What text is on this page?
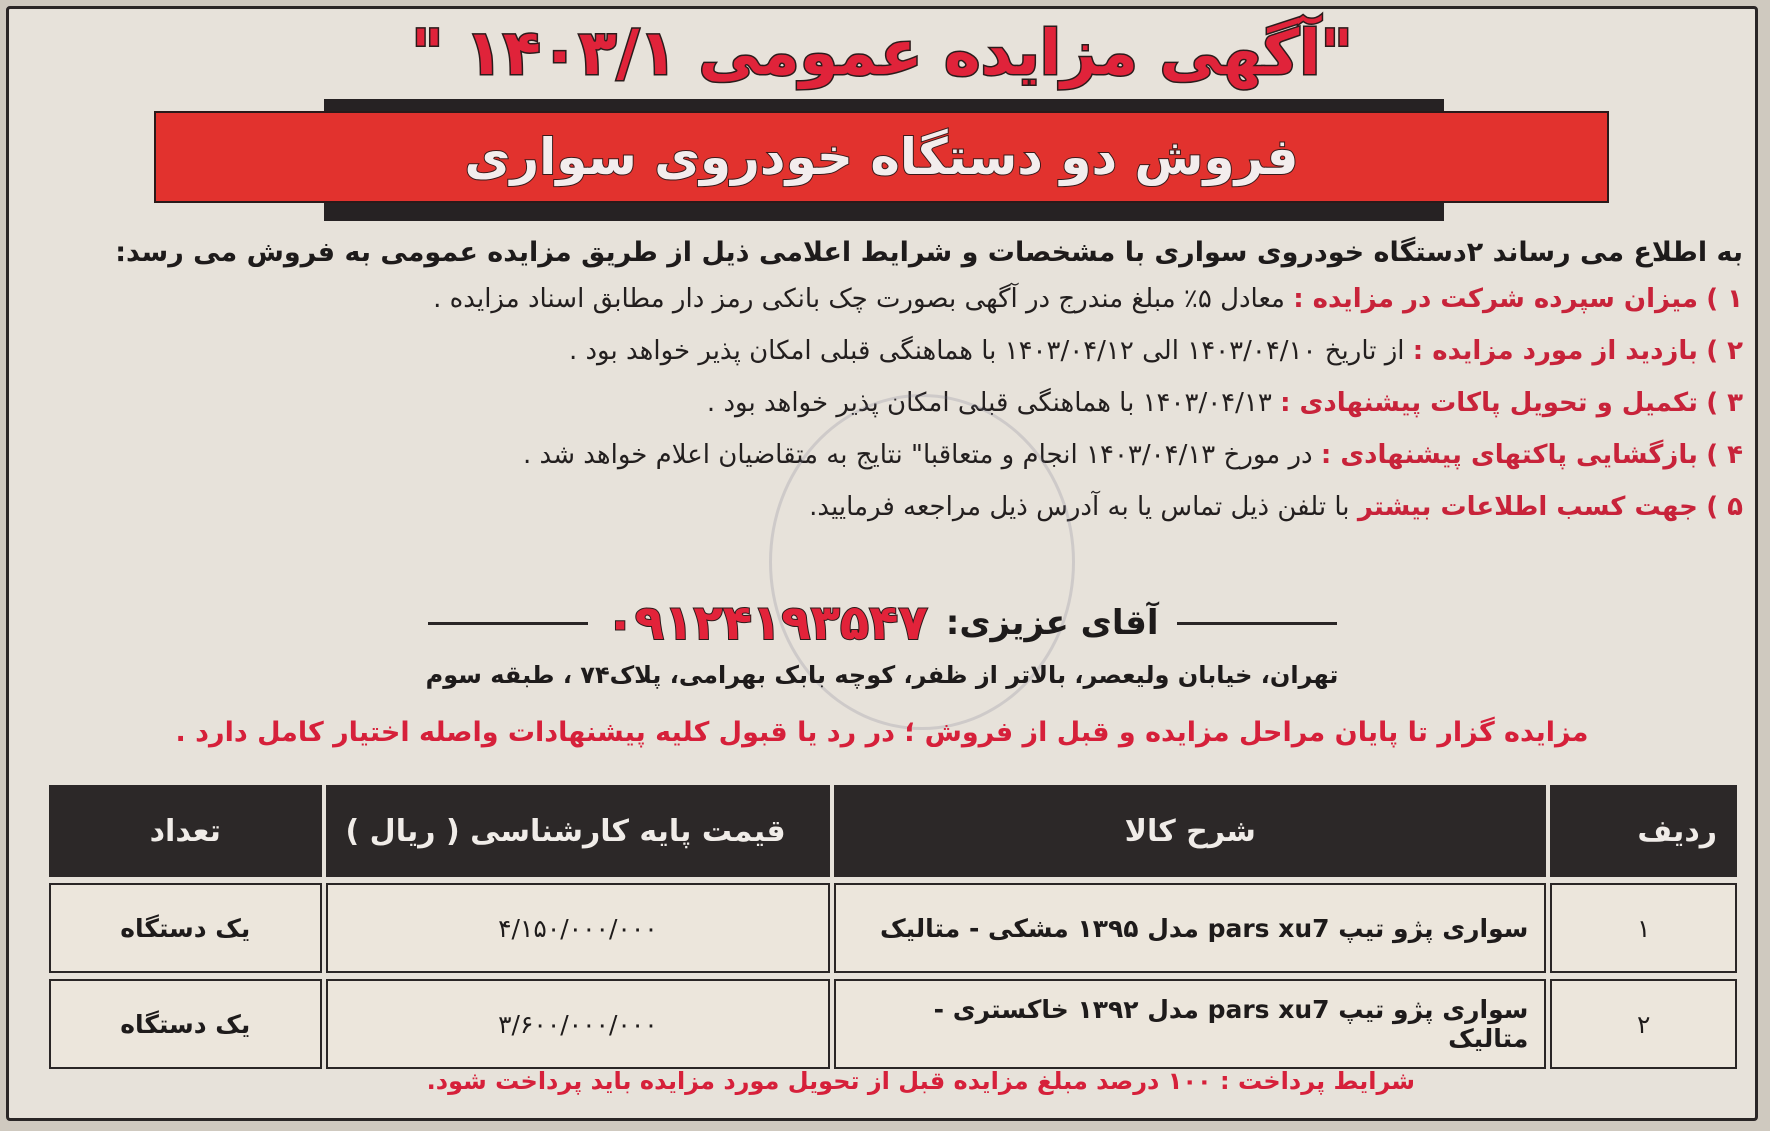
"آگهی مزایده عمومی ۱۴۰۳/۱ "
فروش دو دستگاه خودروی سواری
به اطلاع می رساند ۲دستگاه خودروی سواری با مشخصات و شرایط اعلامی ذیل از طریق مزایده عمومی به فروش می رسد:
۱ ) میزان سپرده شرکت در مزایده : معادل ۵٪ مبلغ مندرج در آگهی بصورت چک بانکی رمز دار مطابق اسناد مزایده .
۲ ) بازدید از مورد مزایده : از تاریخ ۱۴۰۳/۰۴/۱۰ الی ۱۴۰۳/۰۴/۱۲ با هماهنگی قبلی امکان پذیر خواهد بود .
۳ ) تکمیل و تحویل پاکات پیشنهادی : ۱۴۰۳/۰۴/۱۳ با هماهنگی قبلی امکان پذیر خواهد بود .
۴ ) بازگشایی پاکتهای پیشنهادی : در مورخ ۱۴۰۳/۰۴/۱۳ انجام و متعاقبا" نتایج به متقاضیان اعلام خواهد شد .
۵ ) جهت کسب اطلاعات بیشتر با تلفن ذیل تماس یا به آدرس ذیل مراجعه فرمایید.
آقای عزیزی:
۰۹۱۲۴۱۹۳۵۴۷
تهران، خیابان ولیعصر، بالاتر از ظفر، کوچه بابک بهرامی، پلاک۷۴ ، طبقه سوم
مزایده گزار تا پایان مراحل مزایده و قبل از فروش ؛ در رد یا قبول کلیه پیشنهادات واصله اختیار کامل دارد .
ردیف	شرح کالا	قیمت پایه کارشناسی ( ریال )	تعداد
۱	سواری پژو تیپ pars xu7 مدل ۱۳۹۵ مشکی - متالیک	۴/۱۵۰/۰۰۰/۰۰۰	یک دستگاه
۲	سواری پژو تیپ pars xu7 مدل ۱۳۹۲ خاکستری - متالیک	۳/۶۰۰/۰۰۰/۰۰۰	یک دستگاه
شرایط پرداخت : ۱۰۰ درصد مبلغ مزایده قبل از تحویل مورد مزایده باید پرداخت شود.
